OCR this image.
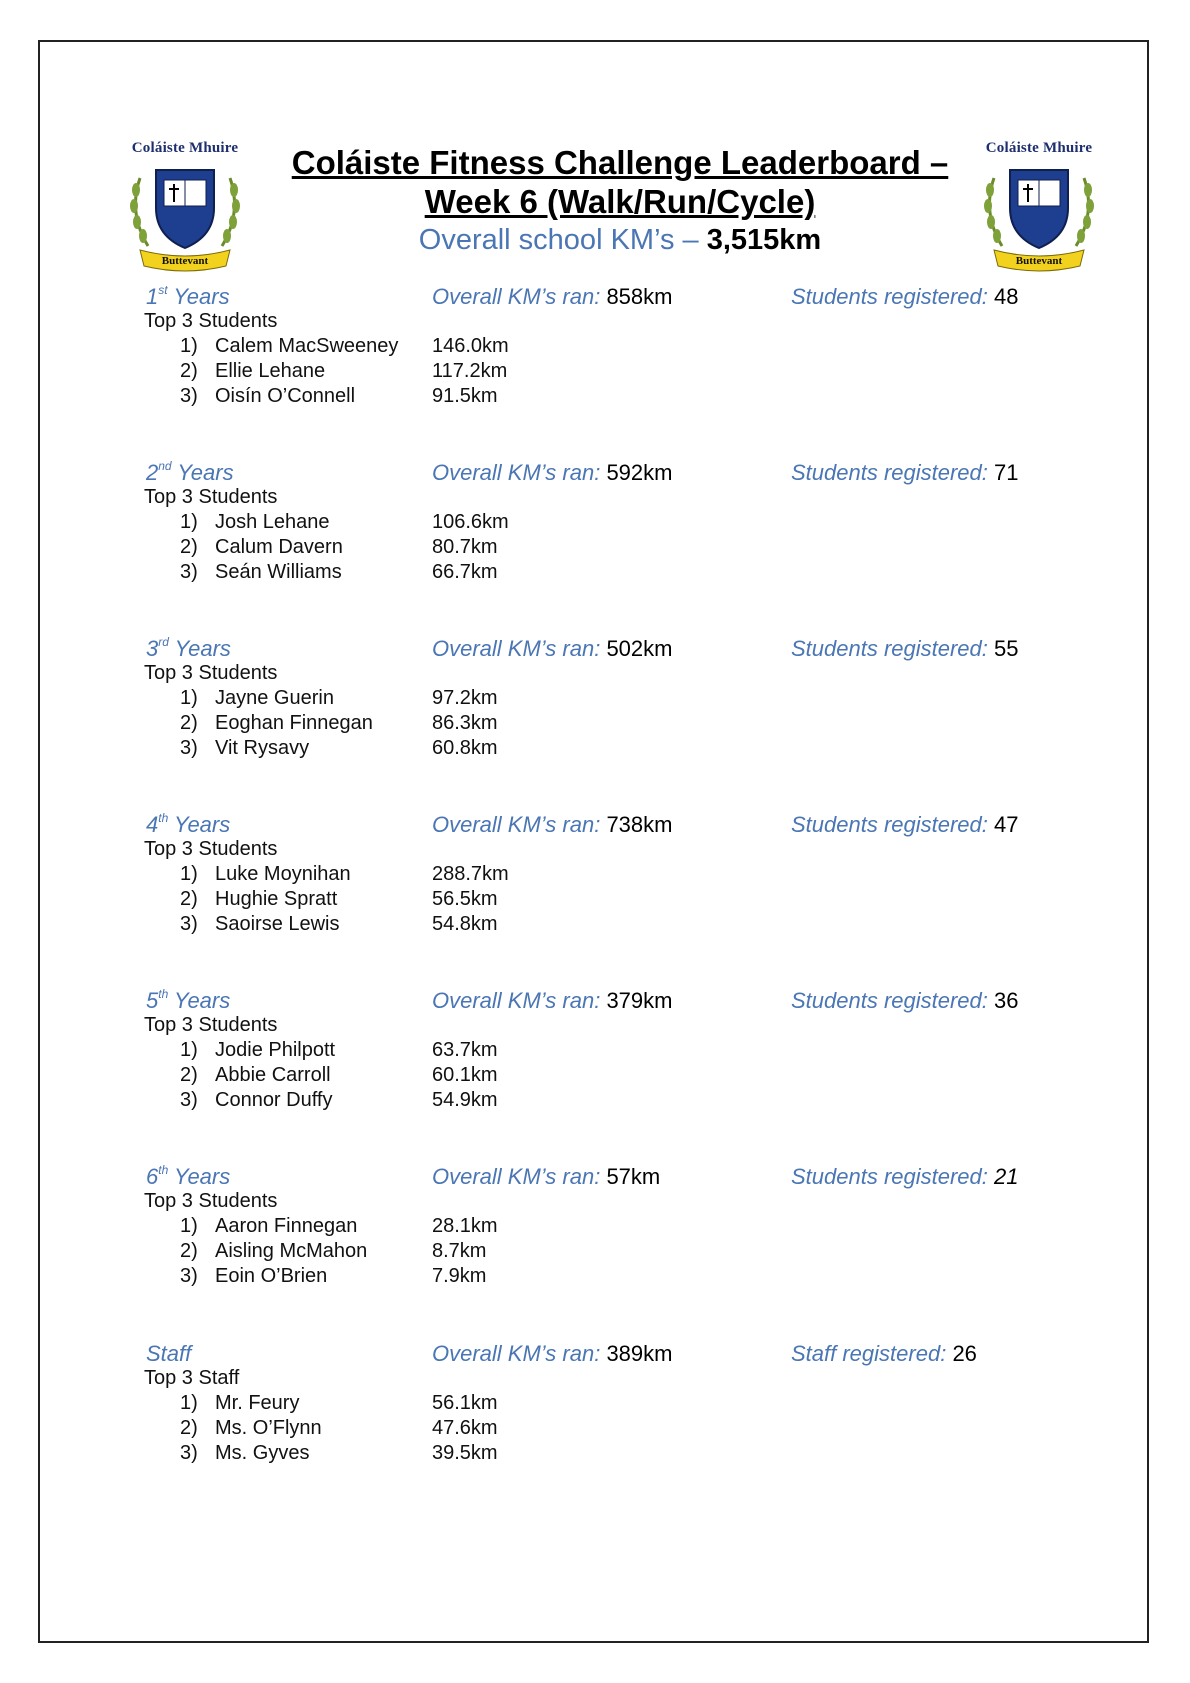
Coláiste Mhuire
Buttevant
Coláiste Mhuire
Buttevant
Coláiste Fitness Challenge Leaderboard –
Week 6 (Walk/Run/Cycle)
Overall school KM’s – 3,515km
1st Years	Overall KM’s ran: 858km	Students registered: 48
Top 3 Students
1) Calem MacSweeney 146.0km
2) Ellie Lehane	117.2km
3) Oisín O’Connell	91.5km
2nd Years	Overall KM’s ran: 592km	Students registered: 71
Top 3 Students
1) Josh Lehane	106.6km
2) Calum Davern	80.7km
3) Seán Williams	66.7km
3rd Years	Overall KM’s ran: 502km	Students registered: 55
Top 3 Students
1) Jayne Guerin	97.2km
2) Eoghan Finnegan	86.3km
3) Vit Rysavy	60.8km
4th Years	Overall KM’s ran: 738km	Students registered: 47
Top 3 Students
1) Luke Moynihan	288.7km
2) Hughie Spratt	56.5km
3) Saoirse Lewis	54.8km
5th Years	Overall KM’s ran: 379km	Students registered: 36
Top 3 Students
1) Jodie Philpott	63.7km
2) Abbie Carroll	60.1km
3) Connor Duffy	54.9km
6th Years	Overall KM’s ran: 57km	Students registered: 21
Top 3 Students
1) Aaron Finnegan	28.1km
2) Aisling McMahon	8.7km
3) Eoin O’Brien	7.9km
Staff	Overall KM’s ran: 389km	Staff registered: 26
Top 3 Staff
1) Mr. Feury	56.1km
2) Ms. O’Flynn	47.6km
3) Ms. Gyves	39.5km
